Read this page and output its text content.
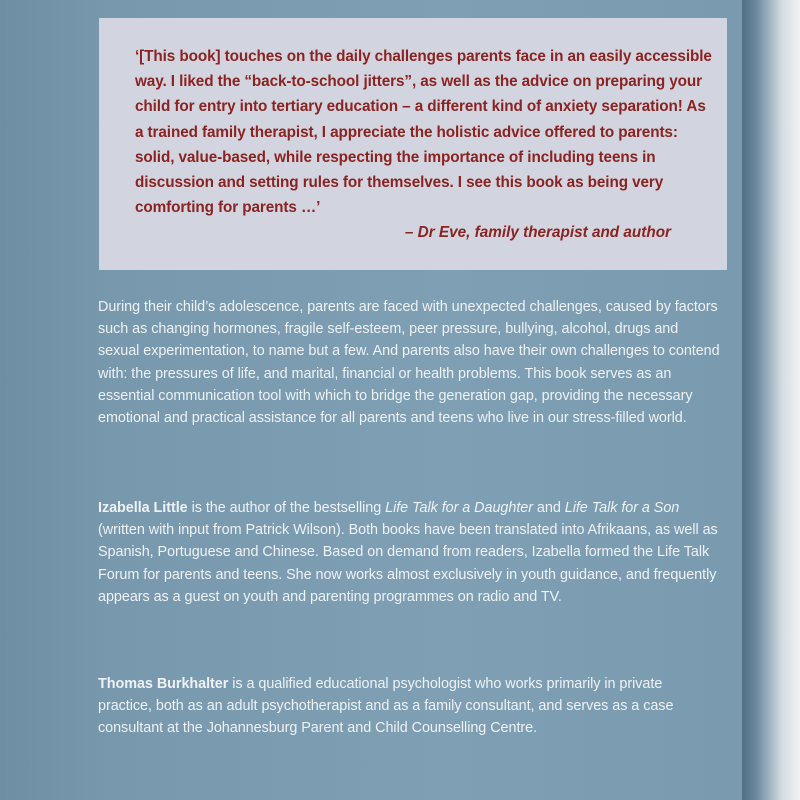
‘[This book] touches on the daily challenges parents face in an easily accessible way. I liked the “back-to-school jitters”, as well as the advice on preparing your child for entry into tertiary education – a different kind of anxiety separation! As a trained family therapist, I appreciate the holistic advice offered to parents: solid, value-based, while respecting the importance of including teens in discussion and setting rules for themselves. I see this book as being very comforting for parents …’

– Dr Eve, family therapist and author

During their child’s adolescence, parents are faced with unexpected challenges, caused by factors such as changing hormones, fragile self-esteem, peer pressure, bullying, alcohol, drugs and sexual experimentation, to name but a few. And parents also have their own challenges to contend with: the pressures of life, and marital, financial or health problems. This book serves as an essential communication tool with which to bridge the generation gap, providing the necessary emotional and practical assistance for all parents and teens who live in our stress-filled world.

Izabella Little is the author of the bestselling Life Talk for a Daughter and Life Talk for a Son (written with input from Patrick Wilson). Both books have been translated into Afrikaans, as well as Spanish, Portuguese and Chinese. Based on demand from readers, Izabella formed the Life Talk Forum for parents and teens. She now works almost exclusively in youth guidance, and frequently appears as a guest on youth and parenting programmes on radio and TV.

Thomas Burkhalter is a qualified educational psychologist who works primarily in private practice, both as an adult psychotherapist and as a family consultant, and serves as a case consultant at the Johannesburg Parent and Child Counselling Centre.
